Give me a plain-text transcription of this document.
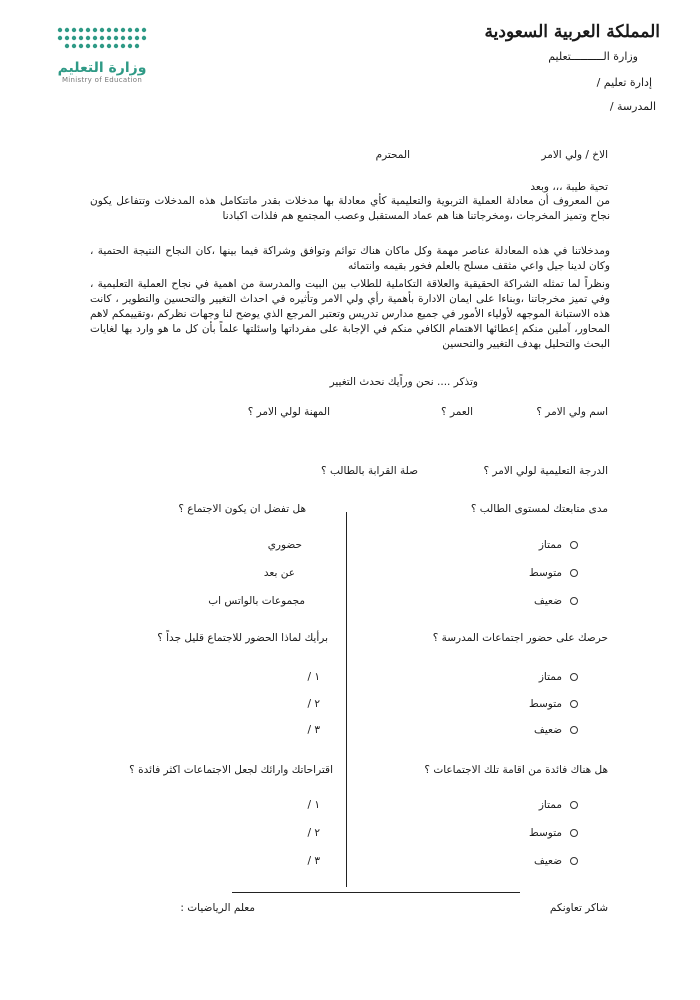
المملكة العربية السعودية
وزارة الــــــــــتعليم
إدارة تعليم /
المدرسة /
وزارة التعليم
Ministry of Education
الاخ / ولي الامر
المحترم
تحية طيبة ،،، وبعد
من المعروف أن معادلة العملية التربوية والتعليمية كأي معادلة بها مدخلات بقدر ماتتكامل هذه المدخلات وتتفاعل يكون نجاح وتميز المخرجات ،ومخرجاتنا هنا هم عماد المستقبل وعصب المجتمع هم فلذات اكبادنا
ومدخلاتنا في هذه المعادلة عناصر مهمة وكل ماكان هناك توائم وتوافق وشراكة فيما بينها ،كان النجاح النتيجة الحتمية ، وكان لدينا جيل واعي مثقف مسلح بالعلم فخور بقيمه وانتمائه
ونظراً لما تمثله الشراكة الحقيقية والعلاقة التكاملية للطلاب بين البيت والمدرسة من اهمية في نجاح العملية التعليمية ، وفي تميز مخرجاتنا ،وبناءا على ايمان الادارة بأهمية رأي ولي الامر وتأثيره في احداث التغيير والتحسين والتطوير ، كانت هذه الاستبانة الموجهه لأولياء الأمور في جميع مدارس تدريس وتعتبر المرجع الذي يوضح لنا وجهات نظركم ،وتقييمكم لاهم المحاور، آملين منكم إعطائها الاهتمام الكافي منكم في الإجابة على مفرداتها واسئلتها علماً بأن كل ما هو وارد بها لغايات البحث والتحليل بهدف التغيير والتحسين
وتذكر .... نحن وراًيك نحدث التغيير
اسم ولي الامر ؟
العمر ؟
المهنة لولي الامر ؟
الدرجة التعليمية لولي الامر ؟
صلة القرابة بالطالب ؟
مدى متابعتك لمستوى الطالب ؟
ممتاز
متوسط
ضعيف
هل تفضل ان يكون الاجتماع ؟
حضوري
عن بعد
مجموعات بالواتس اب
حرصك على حضور اجتماعات المدرسة ؟
ممتاز
متوسط
ضعيف
برأيك لماذا الحضور للاجتماع قليل جداً ؟
١ /
٢ /
٣ /
هل هناك فائدة من اقامة تلك الاجتماعات ؟
ممتاز
متوسط
ضعيف
اقتراحاتك وارائك لجعل الاجتماعات اكثر فائدة ؟
١ /
٢ /
٣ /
شاكر تعاونكم
معلم الرياضيات :
